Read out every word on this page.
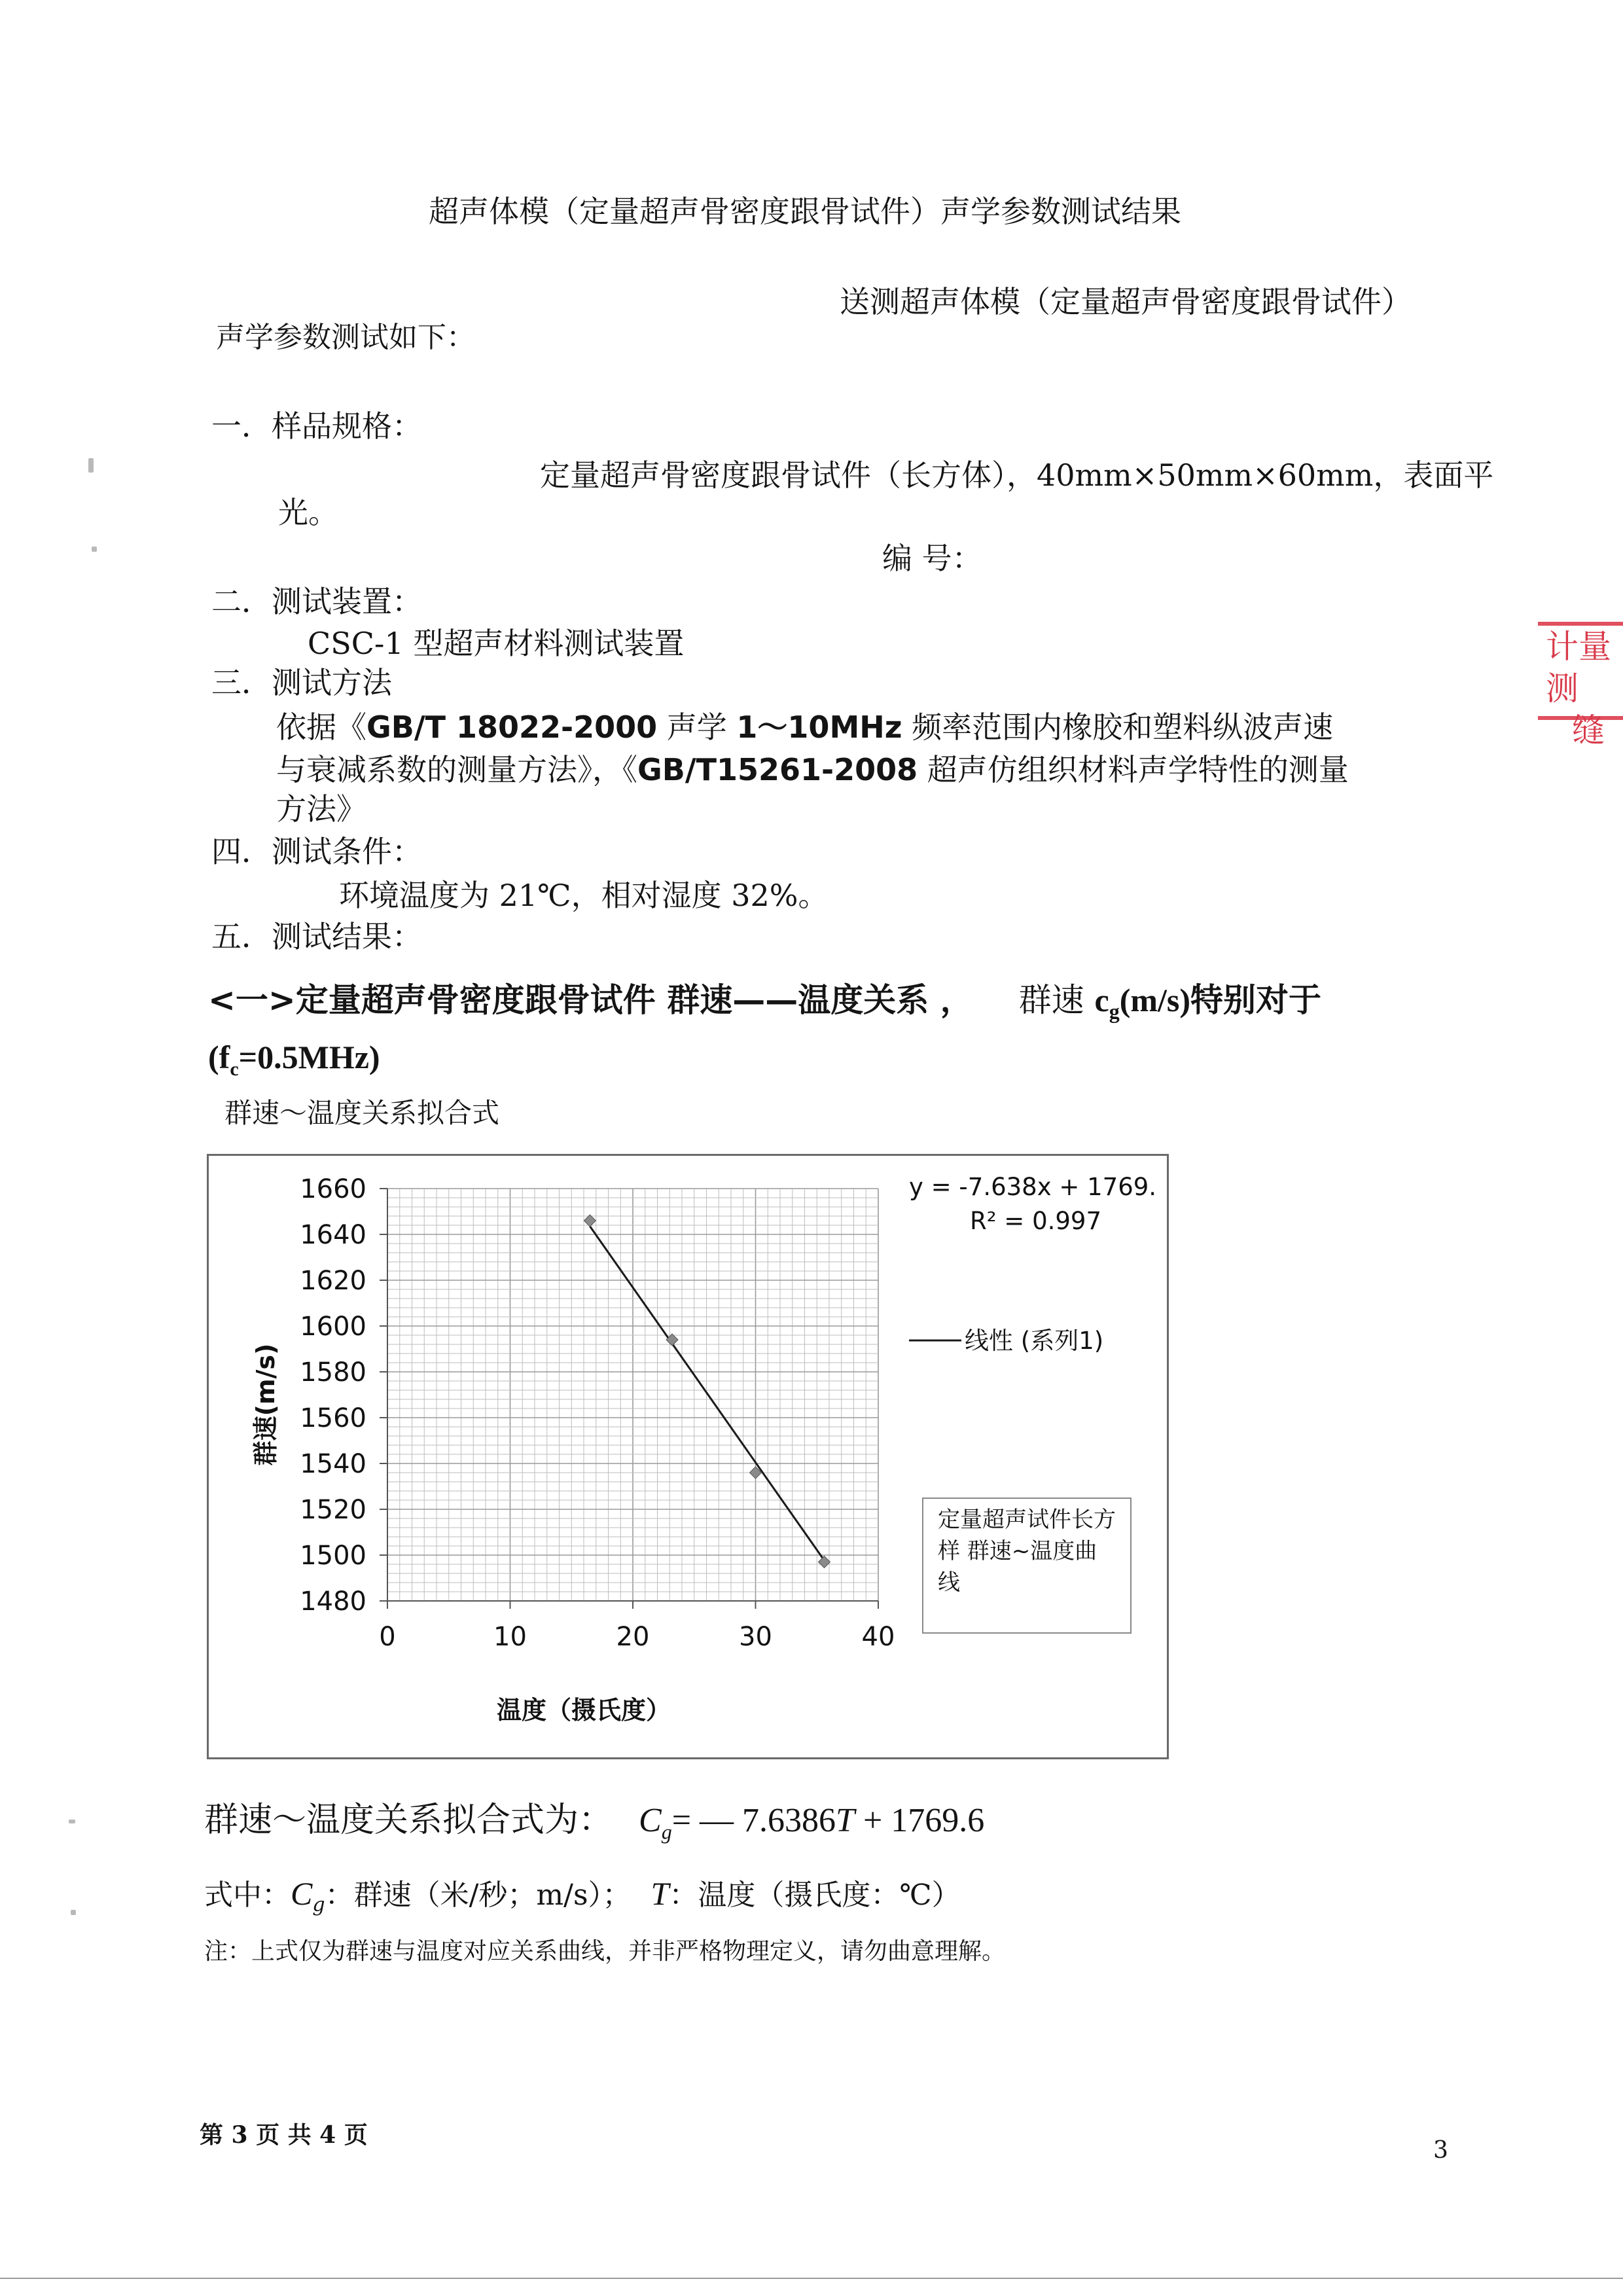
超声体模（定量超声骨密度跟骨试件）声学参数测试结果
送测超声体模（定量超声骨密度跟骨试件）
声学参数测试如下：
一．样品规格：
定量超声骨密度跟骨试件（长方体），40mm×50mm×60mm，表面平
光。
编 号：
二．测试装置：
CSC-1 型超声材料测试装置
三．测试方法
依据《GB/T 18022-2000 声学 1～10MHz 频率范围内橡胶和塑料纵波声速
与衰减系数的测量方法》，《GB/T15261-2008 超声仿组织材料声学特性的测量
方法》
四．测试条件：
环境温度为 21℃，相对湿度 32%。
五．测试结果：
<一>定量超声骨密度跟骨试件 群速——温度关系 ， 群速 $c_g(m/s)$特别对于
$(f_c=0.5MHz)$
群速～温度关系拟合式
0	10	20	30	40
1480
1500
1520
1540
1560
1580
1600
1620
1640
1660
温度（摄氏度）
群速(m/s)
y = -7.638x + 1769.
R² = 0.997
线性 (系列1)
定量超声试件长方样 群速~温度曲线
群速～温度关系拟合式为： $C_g=$ — 7.6386T + 1769.6
式中：$C_g$：群速（米/秒；m/s）； T：温度（摄氏度：℃）
注：上式仅为群速与温度对应关系曲线，并非严格物理定义，请勿曲意理解。
第 3 页 共 4 页
3
计量测
缝
